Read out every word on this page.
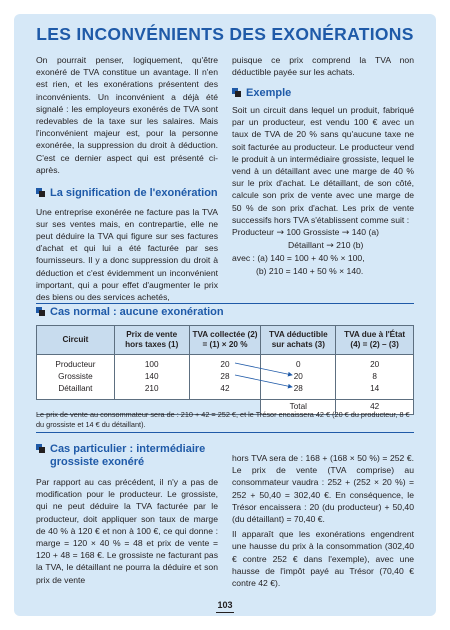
LES INCONVÉNIENTS DES EXONÉRATIONS

On pourrait penser, logiquement, qu'être exonéré de TVA constitue un avantage. Il n'en est rien, et les exonérations présentent des inconvénients. Un inconvénient a déjà été signalé : les employeurs exonérés de TVA sont redevables de la taxe sur les salaires. Mais l'inconvénient majeur est, pour la personne exonérée, la suppression du droit à déduction. C'est ce dernier aspect qui est présenté ci-après.

La signification de l'exonération

Une entreprise exonérée ne facture pas la TVA sur ses ventes mais, en contrepartie, elle ne peut déduire la TVA qui figure sur ses factures d'achat et qui lui a été facturée par ses fournisseurs. Il y a donc suppression du droit à déduction et c'est évidemment un inconvénient important, qui a pour effet d'augmenter le prix des biens ou des services achetés,

puisque ce prix comprend la TVA non déductible payée sur les achats.

Exemple

Soit un circuit dans lequel un produit, fabriqué par un producteur, est vendu 100 € avec un taux de TVA de 20 % sans qu'aucune taxe ne soit facturée au producteur. Le producteur vend le produit à un intermédiaire grossiste, lequel le vend à un détaillant avec une marge de 40 % sur le prix d'achat. Le détaillant, de son côté, calcule son prix de vente avec une marge de 50 % de son prix d'achat. Les prix de vente successifs hors TVA s'établissent comme suit :

Producteur → 100 Grossiste → 140 (a)

Détaillant → 210 (b)

avec : (a) 140 = 100 + 40 % × 100,

(b) 210 = 140 + 50 % × 140.

Cas normal : aucune exonération
Circuit	Prix de vente hors taxes (1)	TVA collectée (2) = (1) × 20 %	TVA déductible sur achats (3)	TVA due à l'État (4) = (2) – (3)
Producteur	100	20	0	20
Grossiste	140	28	20	8
Détaillant	210	42	28	14
			Total	42
Le prix de vente au consommateur sera de : 210 + 42 = 252 €, et le Trésor encaissera 42 € (20 € du producteur, 8 € du grossiste et 14 € du détaillant).
Cas particulier : intermédiaire grossiste exonéré

Par rapport au cas précédent, il n'y a pas de modification pour le producteur. Le grossiste, qui ne peut déduire la TVA facturée par le producteur, doit appliquer son taux de marge de 40 % à 120 € et non à 100 €, ce qui donne : marge = 120 × 40 % = 48 et prix de vente = 120 + 48 = 168 €. Le grossiste ne facturant pas la TVA, le détaillant ne pourra la déduire et son prix de vente

hors TVA sera de : 168 + (168 × 50 %) = 252 €. Le prix de vente (TVA comprise) au consommateur vaudra : 252 + (252 × 20 %) = 252 + 50,40 = 302,40 €. En conséquence, le Trésor encaissera : 20 (du producteur) + 50,40 (du détaillant) = 70,40 €.

Il apparaît que les exonérations engendrent une hausse du prix à la consommation (302,40 € contre 252 € dans l'exemple), avec une hausse de l'impôt payé au Trésor (70,40 € contre 42 €).

103
